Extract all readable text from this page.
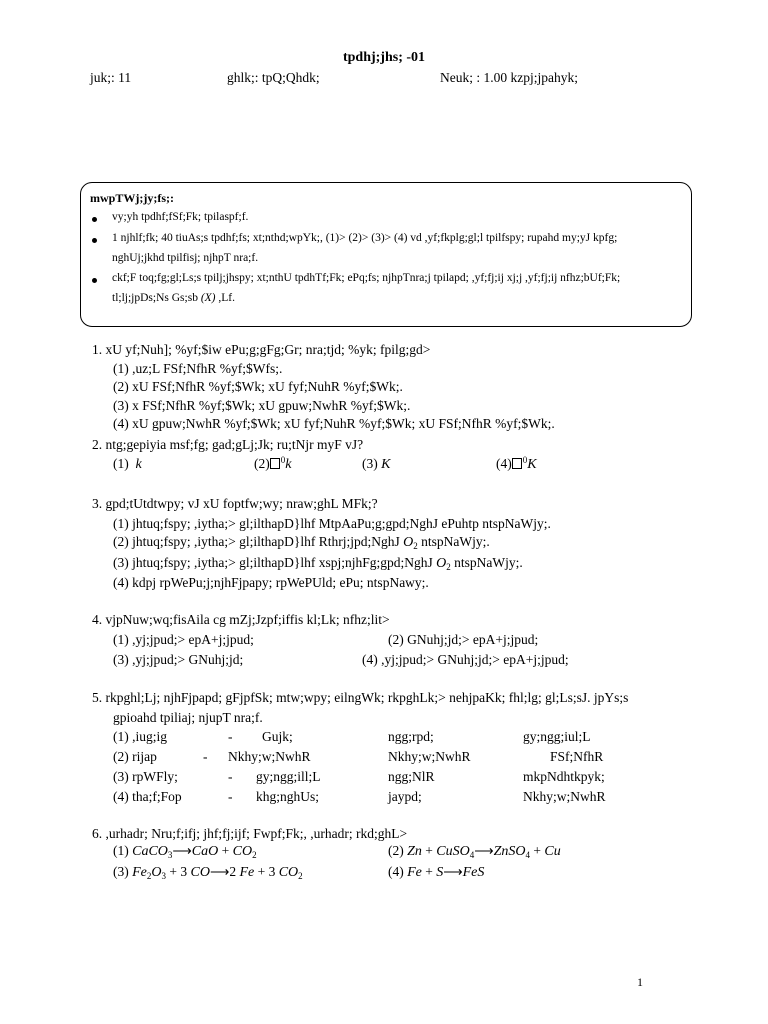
tpdhj;jhs; -01
juk;: 11	ghlk;: tpQ;Qhdk;	Neuk; : 1.00 kzpj;jpahyk;
mwpTWj;jy;fs;:
vy;yh tpdhf;fSf;Fk; tpilaspf;f.
1 njhlf;fk; 40 tiuAs;s tpdhf;fs; xt;nthd;wpYk;, (1)> (2)> (3)> (4) vd ,yf;fkplg;gl;l tpilfspy; rupahd my;yJ kpfg;
nghUj;jkhd tpilfisj; njhpT nra;f.
ckf;F toq;fg;gl;Ls;s tpilj;jhspy; xt;nthU tpdhTf;Fk; ePq;fs; njhpTnra;j tpilapd; ,yf;fj;ij xj;j ,yf;fj;ij nfhz;bUf;Fk;
tl;lj;jpDs;Ns Gs;sb (X) ,Lf.
1. xU yf;Nuh]; %yf;$iw ePu;g;gFg;Gr; nra;tjd; %yk; fpilg;gd>
(1) ,uz;L FSf;NfhR %yf;$Wfs;.
(2) xU FSf;NfhR %yf;$Wk; xU fyf;NuhR %yf;$Wk;.
(3) x FSf;NfhR %yf;$Wk; xU gpuw;NwhR %yf;$Wk;.
(4) xU gpuw;NwhR %yf;$Wk; xU fyf;NuhR %yf;$Wk; xU FSf;NfhR %yf;$Wk;.
2. ntg;gepiyia msf;fg; gad;gLj;Jk; ru;tNjr myF vJ?
(1) k	(2) $^0$k	(3) K	(4) $^0$K
3. gpd;tUtdtwpy; vJ xU foptfw;wy; nraw;ghL MFk;?
(1) jhtuq;fspy; ,iytha;> gl;ilthapD}lhf MtpAaPu;g;gpd;NghJ ePuhtp ntspNaWjy;.
(2) jhtuq;fspy; ,iytha;> gl;ilthapD}lhf Rthrj;jpd;NghJ $O_2$ ntspNaWjy;.
(3) jhtuq;fspy; ,iytha;> gl;ilthapD}lhf xspj;njhFg;gpd;NghJ $O_2$ ntspNaWjy;.
(4) kdpj rpWePu;j;njhFjpapy; rpWePUld; ePu; ntspNawy;.
4. vjpNuw;wq;fisAila cg mZj;Jzpf;iffis kl;Lk; nfhz;lit>
(1) ,yj;jpud;> epA+j;jpud;	(2) GNuhj;jd;> epA+j;jpud;
(3) ,yj;jpud;> GNuhj;jd;	(4) ,yj;jpud;> GNuhj;jd;> epA+j;jpud;
5. rkpghl;Lj; njhFjpapd; gFjpfSk; mtw;wpy; eilngWk; rkpghLk;> nehjpaKk; fhl;lg; gl;Ls;sJ. jpYs;s
gpioahd tpiliaj; njupT nra;f.
(1) ,iug;ig	- Gujk;	ngg;rpd;	gy;ngg;iul;L
(2) rijap	- Nkhy;w;NwhR	Nkhy;w;NwhR	FSf;NfhR
(3) rpWFly;	- gy;ngg;ill;L	ngg;NlR	mkpNdhtkpyk;
(4) tha;f;Fop	- khg;nghUs;	jaypd;	Nkhy;w;NwhR
6. ,urhadr; Nru;f;ifj; jhf;fj;ijf; Fwpf;Fk;, ,urhadr; rkd;ghL>
(1) CaCO$_3$⟶CaO + $CO_2$	(2) Zn + CuSO$_4$⟶ZnSO$_4$ + Cu
(3) $Fe_2O_3 + 3$ CO⟶2 Fe + 3 $CO_2$	(4) Fe + S⟶FeS
1
